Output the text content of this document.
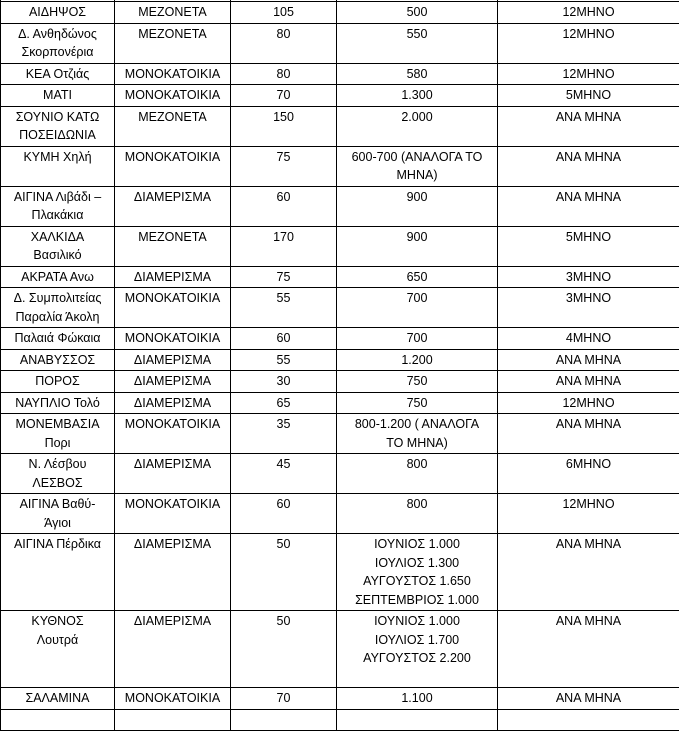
ΑΙΔΗΨΟΣ	ΜΕΖΟΝΕΤΑ	105	500	12ΜΗΝΟ

Δ. Ανθηδώνος
Σκορπονέρια	ΜΕΖΟΝΕΤΑ	80	550	12ΜΗΝΟ

ΚΕΑ Οτζιάς	ΜΟΝΟΚΑΤΟΙΚΙΑ	80	580	12ΜΗΝΟ

ΜΑΤΙ	ΜΟΝΟΚΑΤΟΙΚΙΑ	70	1.300	5ΜΗΝΟ

ΣΟΥΝΙΟ ΚΑΤΩ
ΠΟΣΕΙΔΩΝΙΑ	ΜΕΖΟΝΕΤΑ	150	2.000	ΑΝΑ ΜΗΝΑ

ΚΥΜΗ Χηλή	ΜΟΝΟΚΑΤΟΙΚΙΑ	75	600-700 (ΑΝΑΛΟΓΑ ΤΟ
ΜΗΝΑ)	ΑΝΑ ΜΗΝΑ

ΑΙΓΙΝΑ Λιβάδι –
Πλακάκια	ΔΙΑΜΕΡΙΣΜΑ	60	900	ΑΝΑ ΜΗΝΑ

ΧΑΛΚΙΔΑ
Βασιλικό	ΜΕΖΟΝΕΤΑ	170	900	5ΜΗΝΟ

ΑΚΡΑΤΑ Ανω	ΔΙΑΜΕΡΙΣΜΑ	75	650	3ΜΗΝΟ

Δ. Συμπολιτείας
Παραλία Άκολη	ΜΟΝΟΚΑΤΟΙΚΙΑ	55	700	3ΜΗΝΟ

Παλαιά Φώκαια	ΜΟΝΟΚΑΤΟΙΚΙΑ	60	700	4ΜΗΝΟ

ΑΝΑΒΥΣΣΟΣ	ΔΙΑΜΕΡΙΣΜΑ	55	1.200	ΑΝΑ ΜΗΝΑ

ΠΟΡΟΣ	ΔΙΑΜΕΡΙΣΜΑ	30	750	ΑΝΑ ΜΗΝΑ

ΝΑΥΠΛΙΟ Τολό	ΔΙΑΜΕΡΙΣΜΑ	65	750	12ΜΗΝΟ

ΜΟΝΕΜΒΑΣΙΑ
Πορι	ΜΟΝΟΚΑΤΟΙΚΙΑ	35	800-1.200 ( ΑΝΑΛΟΓΑ
ΤΟ ΜΗΝΑ)	ΑΝΑ ΜΗΝΑ

Ν. Λέσβου
ΛΕΣΒΟΣ	ΔΙΑΜΕΡΙΣΜΑ	45	800	6ΜΗΝΟ

ΑΙΓΙΝΑ Βαθύ-
Άγιοι	ΜΟΝΟΚΑΤΟΙΚΙΑ	60	800	12ΜΗΝΟ

ΑΙΓΙΝΑ Πέρδικα	ΔΙΑΜΕΡΙΣΜΑ	50	ΙΟΥΝΙΟΣ 1.000
ΙΟΥΛΙΟΣ 1.300
ΑΥΓΟΥΣΤΟΣ 1.650
ΣΕΠΤΕΜΒΡΙΟΣ 1.000	ΑΝΑ ΜΗΝΑ

ΚΥΘΝΟΣ
Λουτρά	ΔΙΑΜΕΡΙΣΜΑ	50	ΙΟΥΝΙΟΣ 1.000
ΙΟΥΛΙΟΣ 1.700
ΑΥΓΟΥΣΤΟΣ 2.200	ΑΝΑ ΜΗΝΑ

ΣΑΛΑΜΙΝΑ	ΜΟΝΟΚΑΤΟΙΚΙΑ	70	1.100	ΑΝΑ ΜΗΝΑ
